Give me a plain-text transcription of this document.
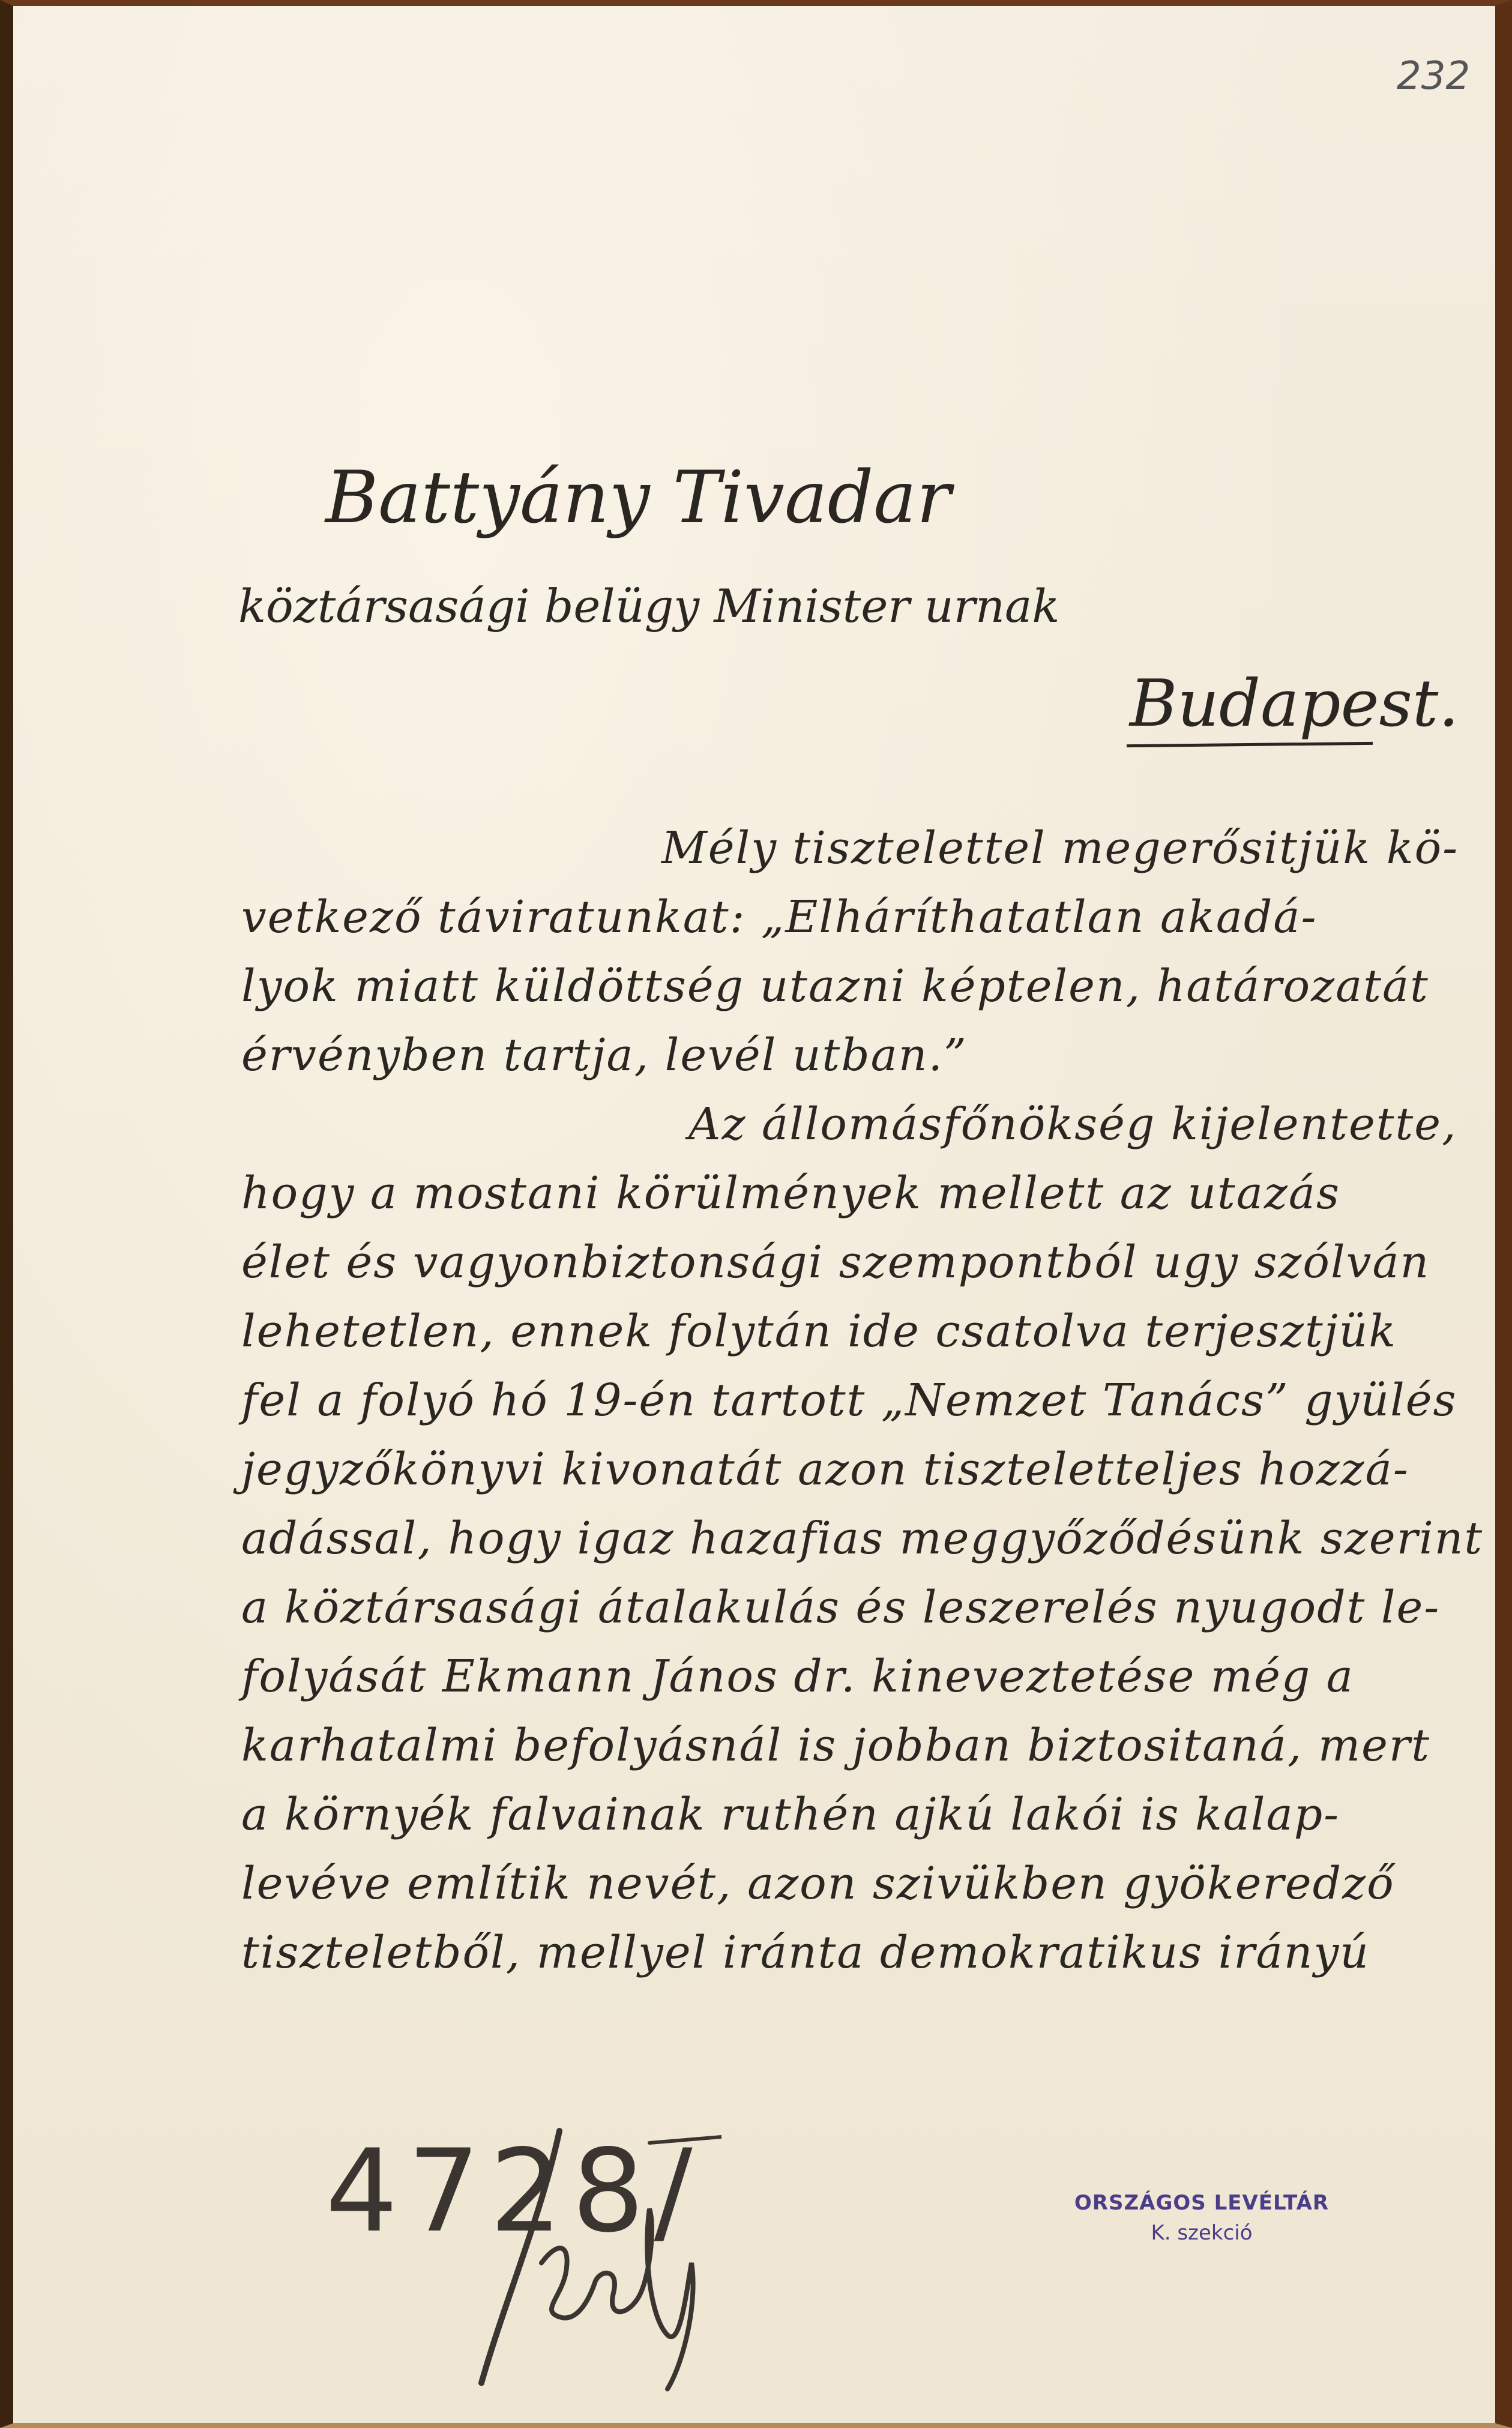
232
Battyány Tivadar
köztársasági belügy Minister urnak
Budapest.
Mély tisztelettel megerősitjük kö-
vetkező táviratunkat: „Elháríthatatlan akadá-
lyok miatt küldöttség utazni képtelen, határozatát
érvényben tartja, levél utban.”
Az állomásfőnökség kijelentette,
hogy a mostani körülmények mellett az utazás
élet és vagyonbiztonsági szempontból ugy szólván
lehetetlen, ennek folytán ide csatolva terjesztjük
fel a folyó hó 19-én tartott „Nemzet Tanács” gyülés
jegyzőkönyvi kivonatát azon tiszteletteljes hozzá-
adással, hogy igaz hazafias meggyőződésünk szerint
a köztársasági átalakulás és leszerelés nyugodt le-
folyását Ekmann János dr. kineveztetése még a
karhatalmi befolyásnál is jobban biztositaná, mert
a környék falvainak ruthén ajkú lakói is kalap-
levéve említik nevét, azon szivükben gyökeredző
tiszteletből, mellyel iránta demokratikus irányú
4728/	ORSZÁGOS LEVÉLTÁR
K. szekció
